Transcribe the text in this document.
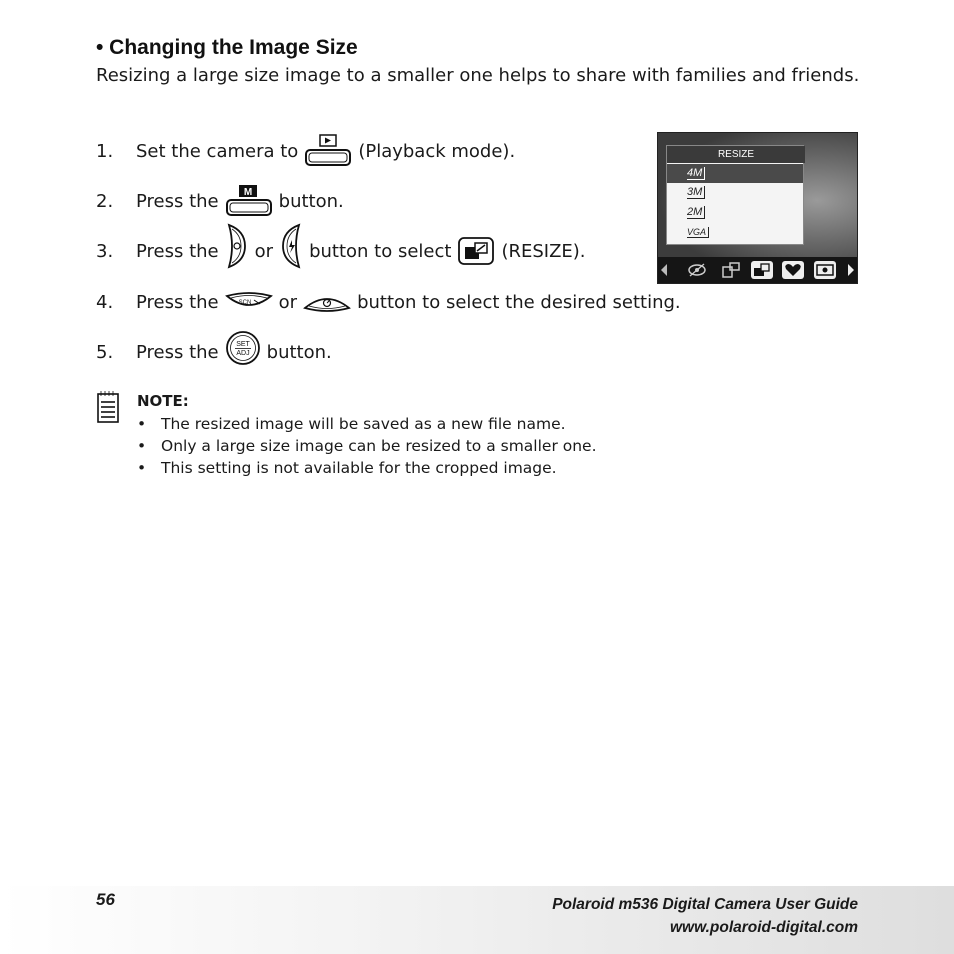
• Changing the Image Size
Resizing a large size image to a smaller one helps to share with families and friends.
1.	Set the camera to	(Playback mode).
2.	Press the M button.
3.	Press the or button to select	(RESIZE).
4.	Press the	SCN or	button to select the desired setting.
5.	Press the SET
ADJ button.
RESIZE
4M
3M
2M
VGA
NOTE:
• The resized image will be saved as a new file name.
• Only a large size image can be resized to a smaller one.
• This setting is not available for the cropped image.
56	Polaroid m536 Digital Camera User Guide
www.polaroid-digital.com
